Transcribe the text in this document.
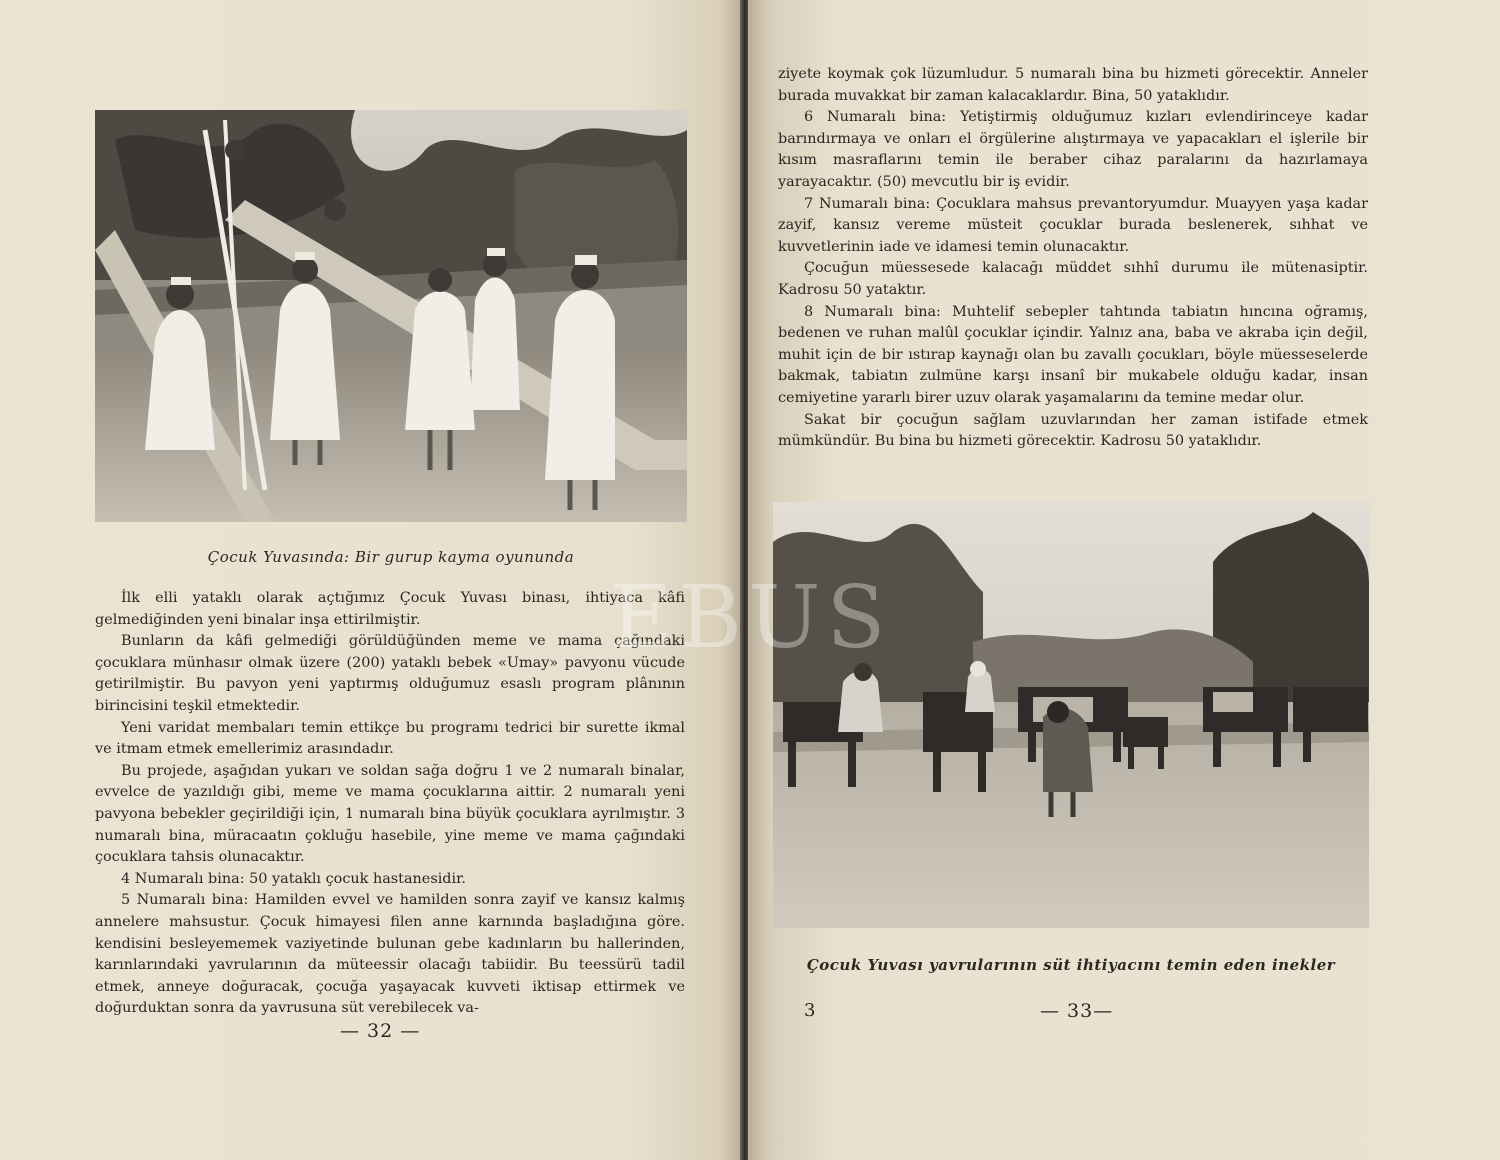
Çocuk Yuvasında: Bir gurup kayma oyununda

İlk elli yataklı olarak açtığımız Çocuk Yuvası binası, ihtiyaca kâfi gelmediğinden yeni binalar inşa ettirilmiştir.

Bunların da kâfi gelmediği görüldüğünden meme ve mama çağındaki çocuklara münhasır olmak üzere (200) yataklı bebek «Umay» pavyonu vücude getirilmiştir. Bu pavyon yeni yaptırmış olduğumuz esaslı program plânının birincisini teşkil etmektedir.

Yeni varidat membaları temin ettikçe bu programı tedrici bir surette ikmal ve itmam etmek emellerimiz arasındadır.

Bu projede, aşağıdan yukarı ve soldan sağa doğru 1 ve 2 numaralı binalar, evvelce de yazıldığı gibi, meme ve mama çocuklarına aittir. 2 numaralı yeni pavyona bebekler geçirildiği için, 1 numaralı bina büyük çocuklara ayrılmıştır. 3 numaralı bina, müracaatın çokluğu hasebile, yine meme ve mama çağındaki çocuklara tahsis olunacaktır.

4 Numaralı bina: 50 yataklı çocuk hastanesidir.

5 Numaralı bina: Hamilden evvel ve hamilden sonra zayif ve kansız kalmış annelere mahsustur. Çocuk himayesi filen anne karnında başladığına göre. kendisini besleyememek vaziyetinde bulunan gebe kadınların bu hallerinden, karınlarındaki yavrularının da müteessir olacağı tabiidir. Bu teessürü tadil etmek, anneye doğuracak, çocuğa yaşayacak kuvveti iktisap ettirmek ve doğurduktan sonra da yavrusuna süt verebilecek va-

— 32 —

ziyete koymak çok lüzumludur. 5 numaralı bina bu hizmeti görecektir. Anneler burada muvakkat bir zaman kalacaklardır. Bina, 50 yataklıdır.

6 Numaralı bina: Yetiştirmiş olduğumuz kızları evlendirinceye kadar barındırmaya ve onları el örgülerine alıştırmaya ve yapacakları el işlerile bir kısım masraflarını temin ile beraber cihaz paralarını da hazırlamaya yarayacaktır. (50) mevcutlu bir iş evidir.

7 Numaralı bina: Çocuklara mahsus prevantoryumdur. Muayyen yaşa kadar zayif, kansız vereme müsteit çocuklar burada beslenerek, sıhhat ve kuvvetlerinin iade ve idamesi temin olunacaktır.

Çocuğun müessesede kalacağı müddet sıhhî durumu ile mütenasiptir. Kadrosu 50 yataktır.

8 Numaralı bina: Muhtelif sebepler tahtında tabiatın hıncına oğramış, bedenen ve ruhan malûl çocuklar içindir. Yalnız ana, baba ve akraba için değil, muhit için de bir ıstırap kaynağı olan bu zavallı çocukları, böyle müesseselerde bakmak, tabiatın zulmüne karşı insanî bir mukabele olduğu kadar, insan cemiyetine yararlı birer uzuv olarak yaşamalarını da temine medar olur.

Sakat bir çocuğun sağlam uzuvlarından her zaman istifade etmek mümkündür. Bu bina bu hizmeti görecektir. Kadrosu 50 yataklıdır.

Çocuk Yuvası yavrularının süt ihtiyacını temin eden inekler
3	— 33—
EBUS
